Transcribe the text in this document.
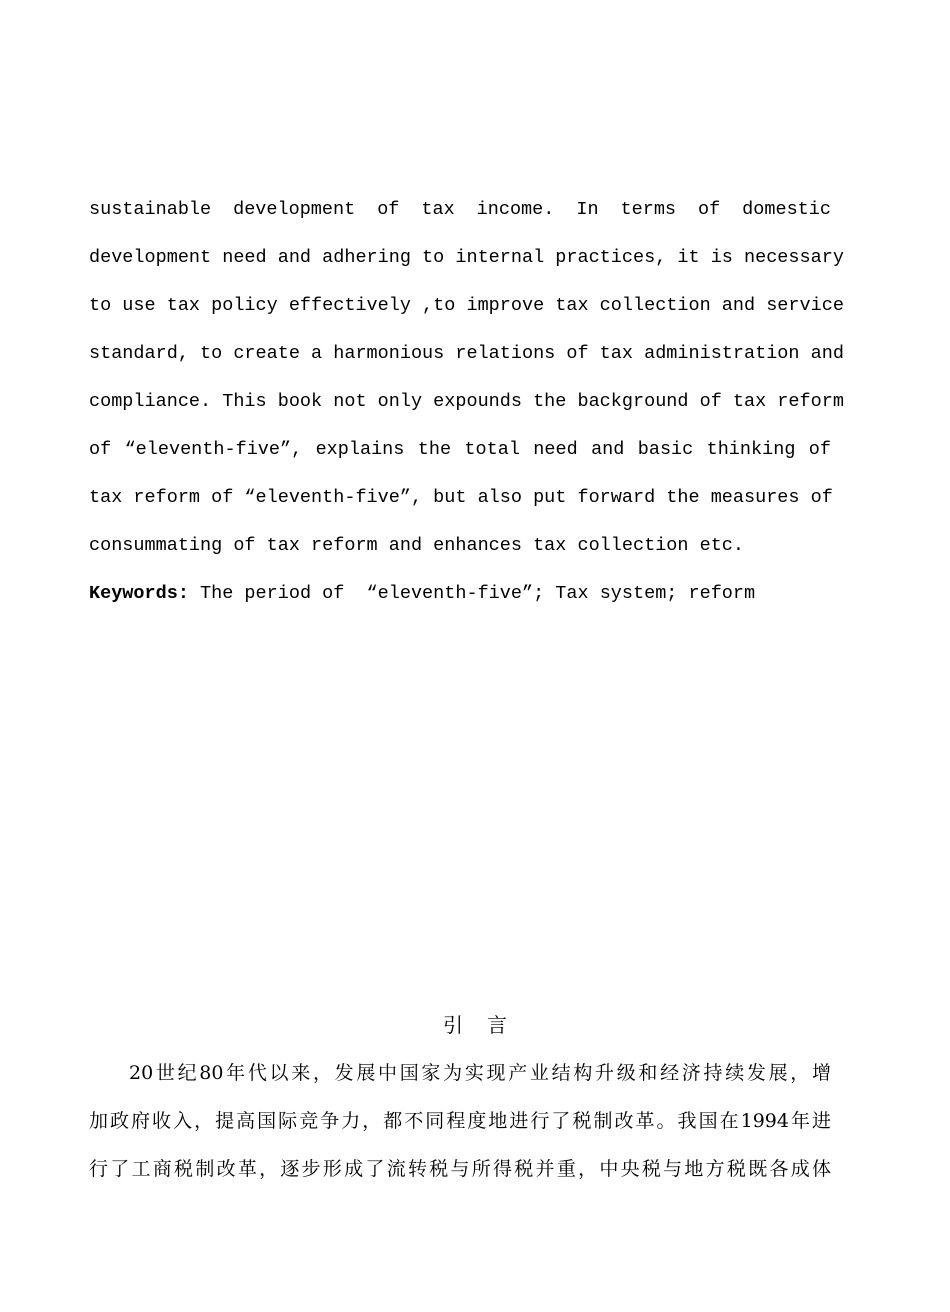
sustainable development of tax income. In terms of domestic
development need and adhering to internal practices, it is necessary
to use tax policy effectively ,to improve tax collection and service
standard, to create a harmonious relations of tax administration and
compliance. This book not only expounds the background of tax reform
of “eleventh-five”, explains the total need and basic thinking of
tax reform of “eleventh-five”, but also put forward the measures of
consummating of tax reform and enhances tax collection etc.
Keywords: The period of  “eleventh-five”; Tax system; reform
引言
20世纪80年代以来，发展中国家为实现产业结构升级和经济持续发展，增
加政府收入，提高国际竞争力，都不同程度地进行了税制改革。我国在1994年进
行了工商税制改革，逐步形成了流转税与所得税并重，中央税与地方税既各成体
